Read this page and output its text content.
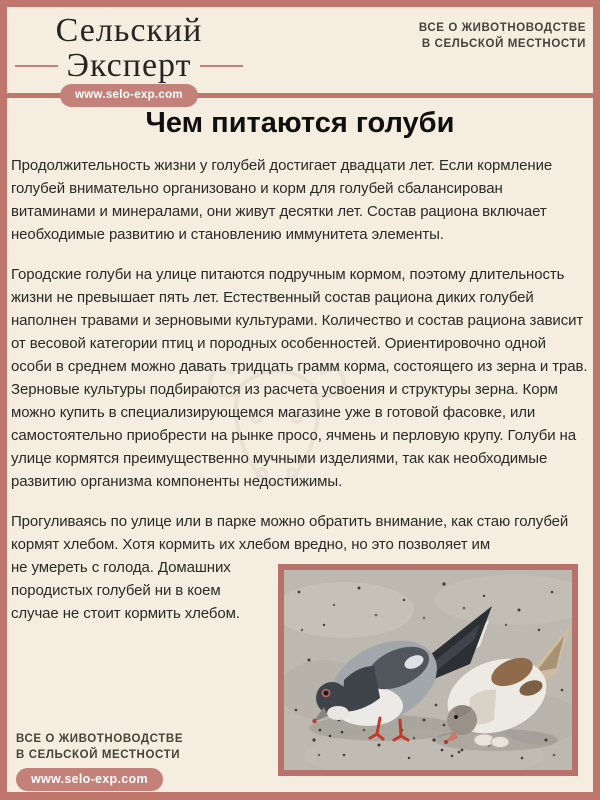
Сельский
Эксперт
www.selo-exp.com
ВСЕ О ЖИВОТНОВОДСТВЕ
В СЕЛЬСКОЙ МЕСТНОСТИ
Чем питаются голуби

Продолжительность жизни у голубей достигает двадцати лет. Если кормление голубей внимательно организовано и корм для голубей сбалансирован витаминами и минералами, они живут десятки лет. Состав рациона включает необходимые развитию и становлению иммунитета элементы.

Городские голуби на улице питаются подручным кормом, поэтому длительность жизни не превышает пять лет. Естественный состав рациона диких голубей наполнен травами и зерновыми культурами. Количество и состав рациона зависит от весовой категории птиц и породных особенностей. Ориентировочно одной особи в среднем можно давать тридцать грамм корма, состоящего из зерна и трав. Зерновые культуры подбираются из расчета усвоения и структуры зерна. Корм можно купить в специализирующемся магазине уже в готовой фасовке, или самостоятельно приобрести на рынке просо, ячмень и перловую крупу. Голуби на улице кормятся преимущественно мучными изделиями, так как необходимые развитию организма компоненты недостижимы.

Прогуливаясь по улице или в парке можно обратить внимание, как стаю голубей кормят хлебом. Хотя кормить их хлебом вредно, но это позволяет им

не умереть с голода. Домашних породистых голубей ни в коем случае не стоит кормить хлебом.

ВСЕ О ЖИВОТНОВОДСТВЕ
В СЕЛЬСКОЙ МЕСТНОСТИ
www.selo-exp.com
